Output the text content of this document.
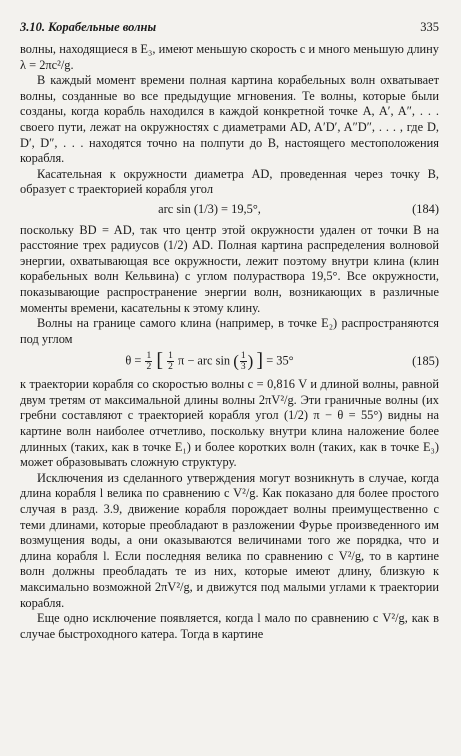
3.10. Корабельные волны	335

волны, находящиеся в E₃, имеют меньшую скорость c и много меньшую длину λ = 2πc²/g.

В каждый момент времени полная картина корабельных волн охватывает волны, созданные во все предыдущие мгновения. Те волны, которые были созданы, когда корабль находился в каждой конкретной точке A, A′, A″, . . . своего пути, лежат на окружностях с диаметрами AD, A′D′, A″D″, . . . , где D, D′, D″, . . . находятся точно на полпути до B, настоящего местоположения корабля.

Касательная к окружности диаметра AD, проведенная через точку B, образует с траекторией корабля угол

arc sin (1/3) = 19,5°,	(184)

поскольку BD = AD, так что центр этой окружности удален от точки B на расстояние трех радиусов (1/2) AD. Полная картина распределения волновой энергии, охватывающая все окружности, лежит поэтому внутри клина (клин корабельных волн Кельвина) с углом полураствора 19,5°. Все окружности, показывающие распространение энергии волн, возникающих в различные моменты времени, касательны к этому клину.

Волны на границе самого клина (например, в точке E₂) распространяются под углом

$\theta = \frac{1}{2}$ [ $\frac{1}{2}$ π − arc sin ( $\frac{1}{3}$ ) ] = 35°	(185)

к траектории корабля со скоростью волны c = 0,816 V и длиной волны, равной двум третям от максимальной длины волны 2πV²/g. Эти граничные волны (их гребни составляют с траекторией корабля угол (1/2) π − θ = 55°) видны на картине волн наиболее отчетливо, поскольку внутри клина наложение более длинных (таких, как в точке E₁) и более коротких волн (таких, как в точке E₃) может образовывать сложную структуру.

Исключения из сделанного утверждения могут возникнуть в случае, когда длина корабля l велика по сравнению с V²/g. Как показано для более простого случая в разд. 3.9, движение корабля порождает волны преимущественно с теми длинами, которые преобладают в разложении Фурье произведенного им возмущения воды, а они оказываются величинами того же порядка, что и длина корабля l. Если последняя велика по сравнению с V²/g, то в картине волн должны преобладать те из них, которые имеют длину, близкую к максимально возможной 2πV²/g, и движутся под малыми углами к траектории корабля.

Еще одно исключение появляется, когда l мало по сравнению с V²/g, как в случае быстроходного катера. Тогда в картине
